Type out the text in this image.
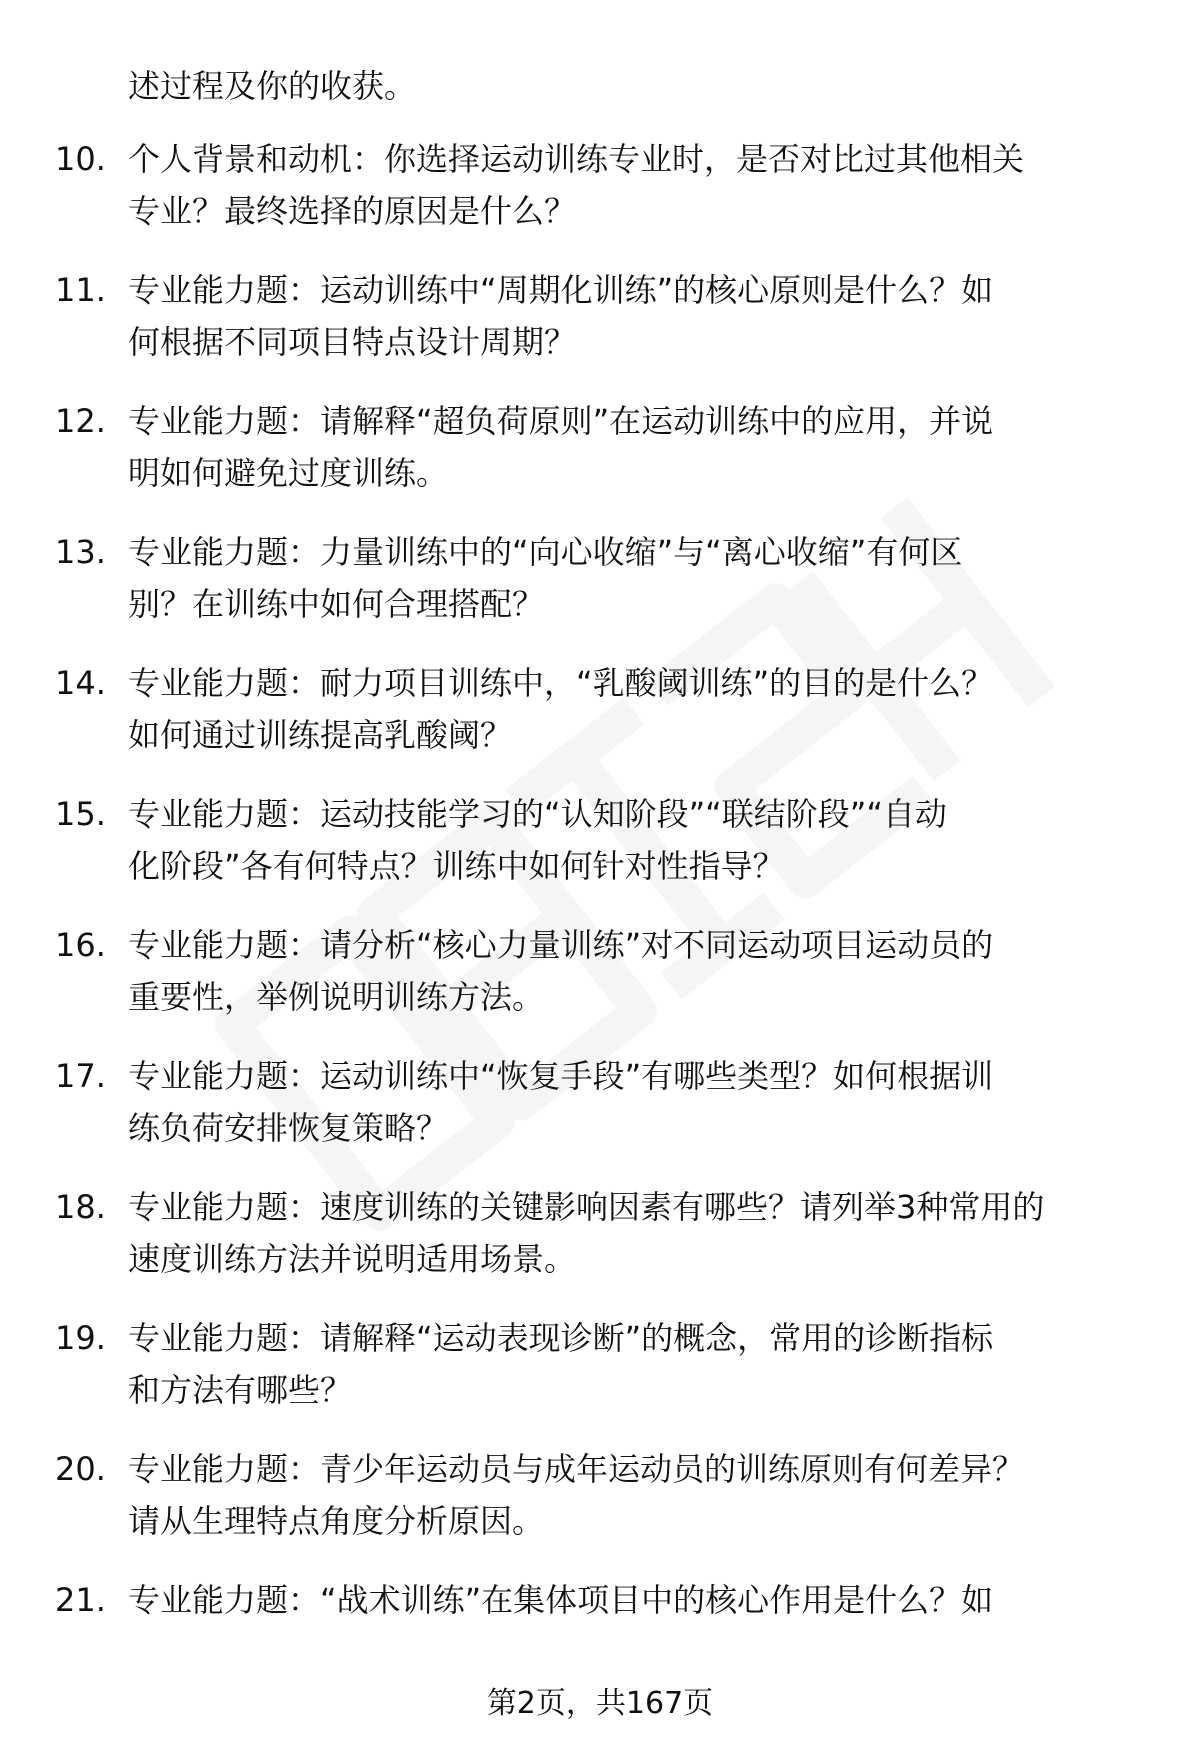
述过程及你的收获。
10. 个人背景和动机：你选择运动训练专业时，是否对比过其他相关
专业？最终选择的原因是什么？
11. 专业能力题：运动训练中“周期化训练”的核心原则是什么？如
何根据不同项目特点设计周期？
12. 专业能力题：请解释“超负荷原则”在运动训练中的应用，并说
明如何避免过度训练。
13. 专业能力题：力量训练中的“向心收缩”与“离心收缩”有何区
别？在训练中如何合理搭配？
14. 专业能力题：耐力项目训练中，“乳酸阈训练”的目的是什么？
如何通过训练提高乳酸阈？
15. 专业能力题：运动技能学习的“认知阶段”“联结阶段”“自动
化阶段”各有何特点？训练中如何针对性指导？
16. 专业能力题：请分析“核心力量训练”对不同运动项目运动员的
重要性，举例说明训练方法。
17. 专业能力题：运动训练中“恢复手段”有哪些类型？如何根据训
练负荷安排恢复策略？
18. 专业能力题：速度训练的关键影响因素有哪些？请列举3种常用的
速度训练方法并说明适用场景。
19. 专业能力题：请解释“运动表现诊断”的概念，常用的诊断指标
和方法有哪些？
20. 专业能力题：青少年运动员与成年运动员的训练原则有何差异？
请从生理特点角度分析原因。
21. 专业能力题：“战术训练”在集体项目中的核心作用是什么？如
第2页，共167页
